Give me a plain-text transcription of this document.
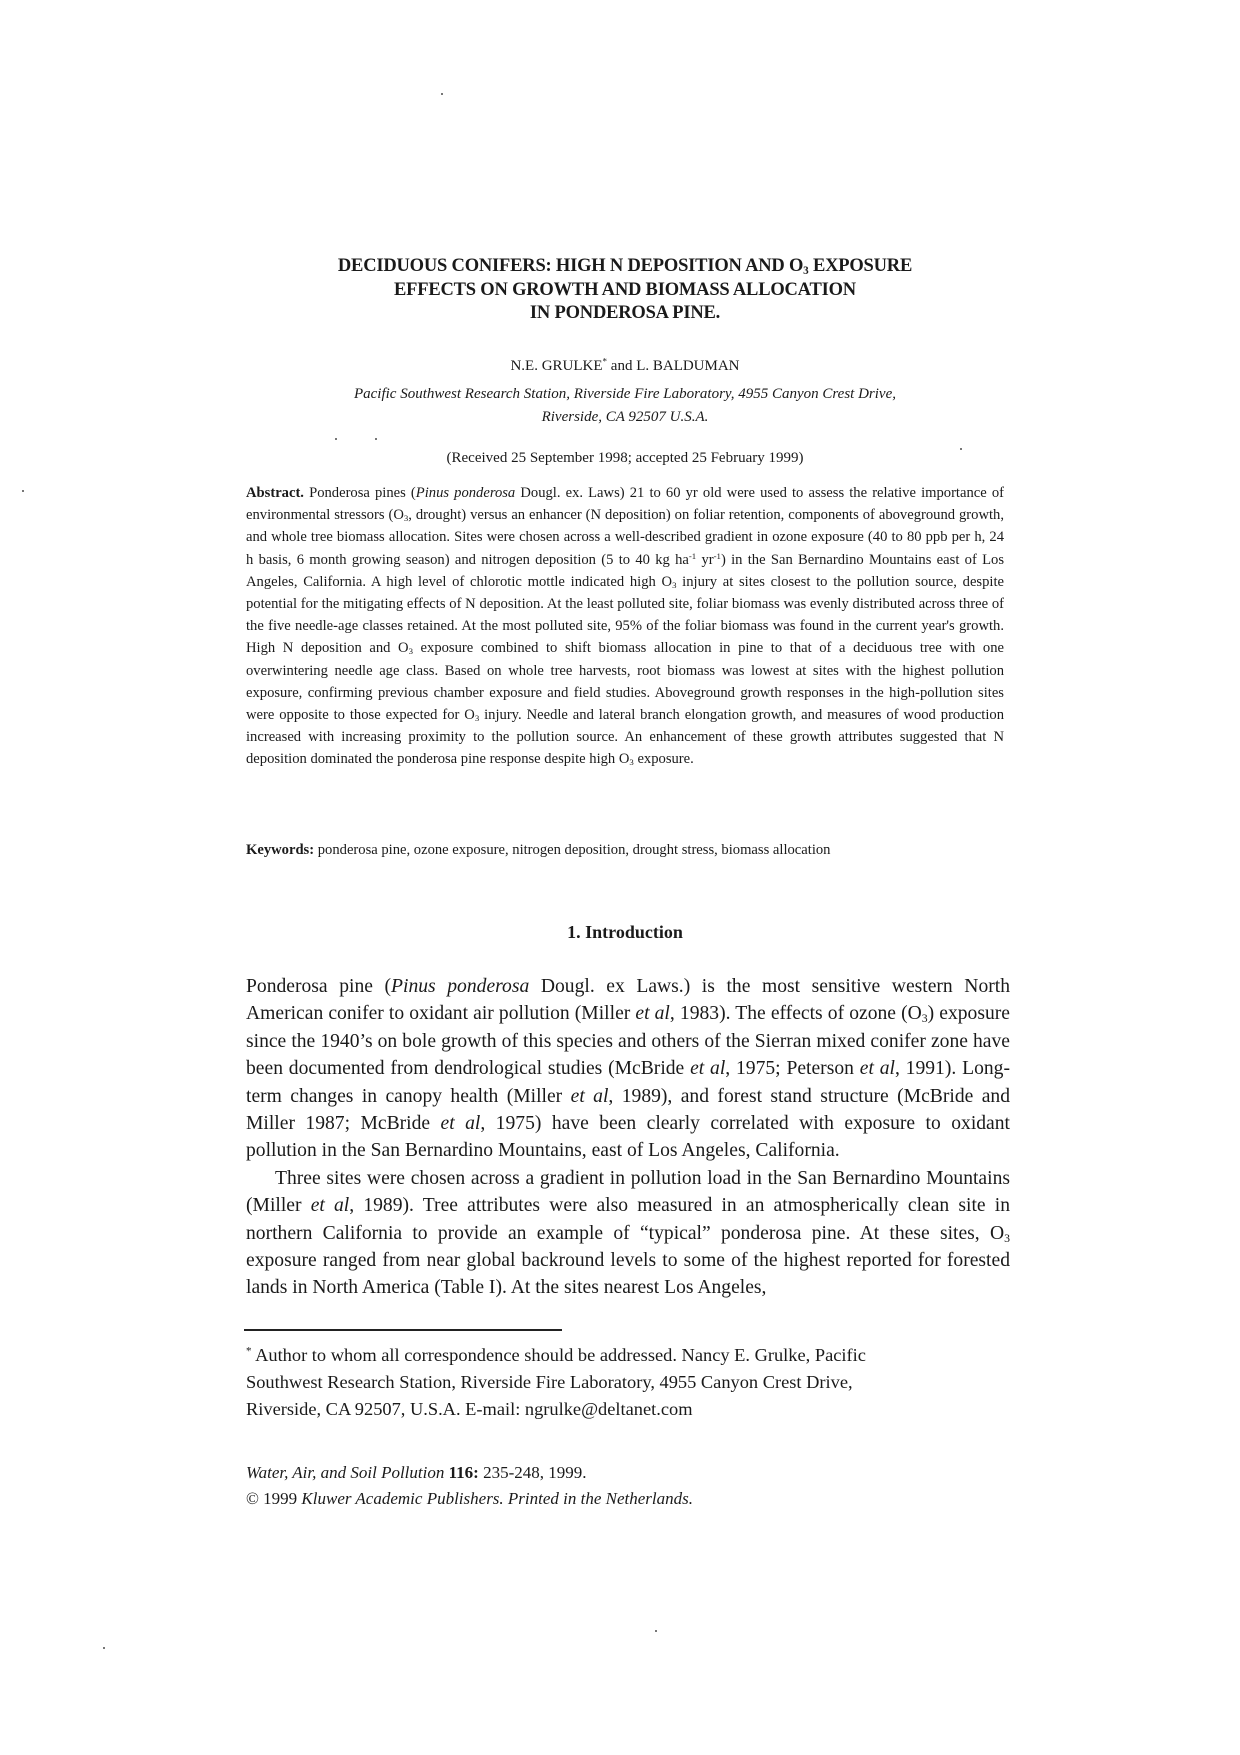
DECIDUOUS CONIFERS: HIGH N DEPOSITION AND $O_3$ EXPOSURE
EFFECTS ON GROWTH AND BIOMASS ALLOCATION
IN PONDEROSA PINE.
N.E. GRULKE* and L. BALDUMAN
Pacific Southwest Research Station, Riverside Fire Laboratory, 4955 Canyon Crest Drive,
Riverside, CA 92507 U.S.A.
(Received 25 September 1998; accepted 25 February 1999)
Abstract. Ponderosa pines (Pinus ponderosa Dougl. ex. Laws) 21 to 60 yr old were used to assess the relative importance of environmental stressors ($O_3$, drought) versus an enhancer (N deposition) on foliar retention, components of aboveground growth, and whole tree biomass allocation. Sites were chosen across a well-described gradient in ozone exposure (40 to 80 ppb per h, 24 h basis, 6 month growing season) and nitrogen deposition (5 to 40 kg $ha^{-1}$ $yr^{-1}$) in the San Bernardino Mountains east of Los Angeles, California. A high level of chlorotic mottle indicated high $O_3$ injury at sites closest to the pollution source, despite potential for the mitigating effects of N deposition. At the least polluted site, foliar biomass was evenly distributed across three of the five needle-age classes retained. At the most polluted site, 95% of the foliar biomass was found in the current year's growth. High N deposition and $O_3$ exposure combined to shift biomass allocation in pine to that of a deciduous tree with one overwintering needle age class. Based on whole tree harvests, root biomass was lowest at sites with the highest pollution exposure, confirming previous chamber exposure and field studies. Aboveground growth responses in the high-pollution sites were opposite to those expected for $O_3$ injury. Needle and lateral branch elongation growth, and measures of wood production increased with increasing proximity to the pollution source. An enhancement of these growth attributes suggested that N deposition dominated the ponderosa pine response despite high $O_3$ exposure.
Keywords: ponderosa pine, ozone exposure, nitrogen deposition, drought stress, biomass allocation
1. Introduction

Ponderosa pine (Pinus ponderosa Dougl. ex Laws.) is the most sensitive western North American conifer to oxidant air pollution (Miller et al, 1983). The effects of ozone $(O_3)$ exposure since the 1940’s on bole growth of this species and others of the Sierran mixed conifer zone have been documented from dendrological studies (McBride et al, 1975; Peterson et al, 1991). Long-term changes in canopy health (Miller et al, 1989), and forest stand structure (McBride and Miller 1987; McBride et al, 1975) have been clearly correlated with exposure to oxidant pollution in the San Bernardino Mountains, east of Los Angeles, California.

Three sites were chosen across a gradient in pollution load in the San Bernardino Mountains (Miller et al, 1989). Tree attributes were also measured in an atmospherically clean site in northern California to provide an example of “typical” ponderosa pine. At these sites, $O_3$ exposure ranged from near global backround levels to some of the highest reported for forested lands in North America (Table I). At the sites nearest Los Angeles,

* Author to whom all correspondence should be addressed. Nancy E. Grulke, Pacific Southwest Research Station, Riverside Fire Laboratory, 4955 Canyon Crest Drive, Riverside, CA 92507, U.S.A. E-mail: ngrulke@deltanet.com
Water, Air, and Soil Pollution 116: 235-248, 1999.
© 1999 Kluwer Academic Publishers. Printed in the Netherlands.
